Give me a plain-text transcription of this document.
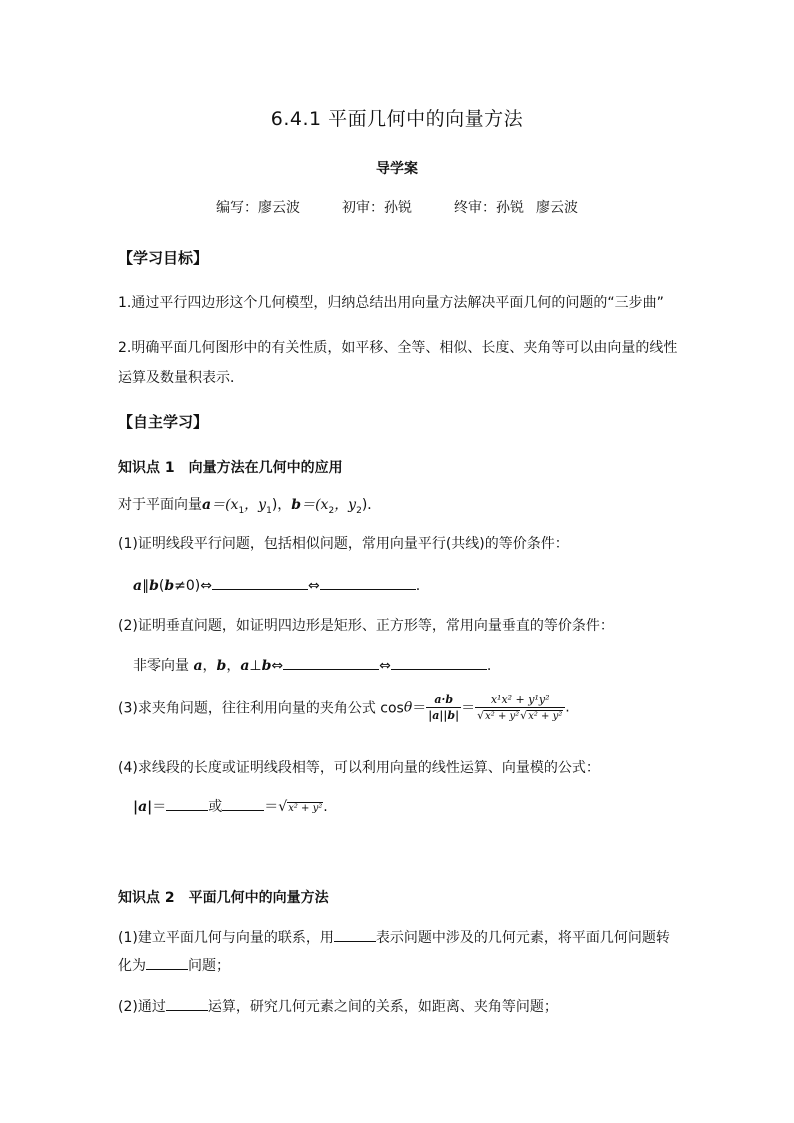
6.4.1 平面几何中的向量方法
导学案
编写：廖云波	初审：孙锐	终审：孙锐 廖云波
【学习目标】
1.通过平行四边形这个几何模型，归纳总结出用向量方法解决平面几何的问题的“三步曲”
2.明确平面几何图形中的有关性质，如平移、全等、相似、长度、夹角等可以由向量的线性
运算及数量积表示．
【自主学习】
知识点 1　向量方法在几何中的应用
对于平面向量$a=(x_1$，$y_1$)，$b=(x_2$，$y_2$)．
(1)证明线段平行问题，包括相似问题，常用向量平行(共线)的等价条件：
a∥b(b≠0)⇔	⇔	.
(2)证明垂直问题，如证明四边形是矩形、正方形等，常用向量垂直的等价条件：
非零向量 a，b，a⊥b⇔	⇔	.
(3)求夹角问题，往往利用向量的夹角公式 $\cos\theta= \frac{a\cdot b}{|a||b|} = \frac{\text{x¹x² + y¹y²}}{\text{√x² + y²√x² + y²}}$ .
(4)求线段的长度或证明线段相等，可以利用向量的线性运算、向量模的公式：
|a|＝	或	＝√x² + y².
知识点 2　平面几何中的向量方法
(1)建立平面几何与向量的联系，用	表示问题中涉及的几何元素，将平面几何问题转
化为	问题；
(2)通过	运算，研究几何元素之间的关系，如距离、夹角等问题；
